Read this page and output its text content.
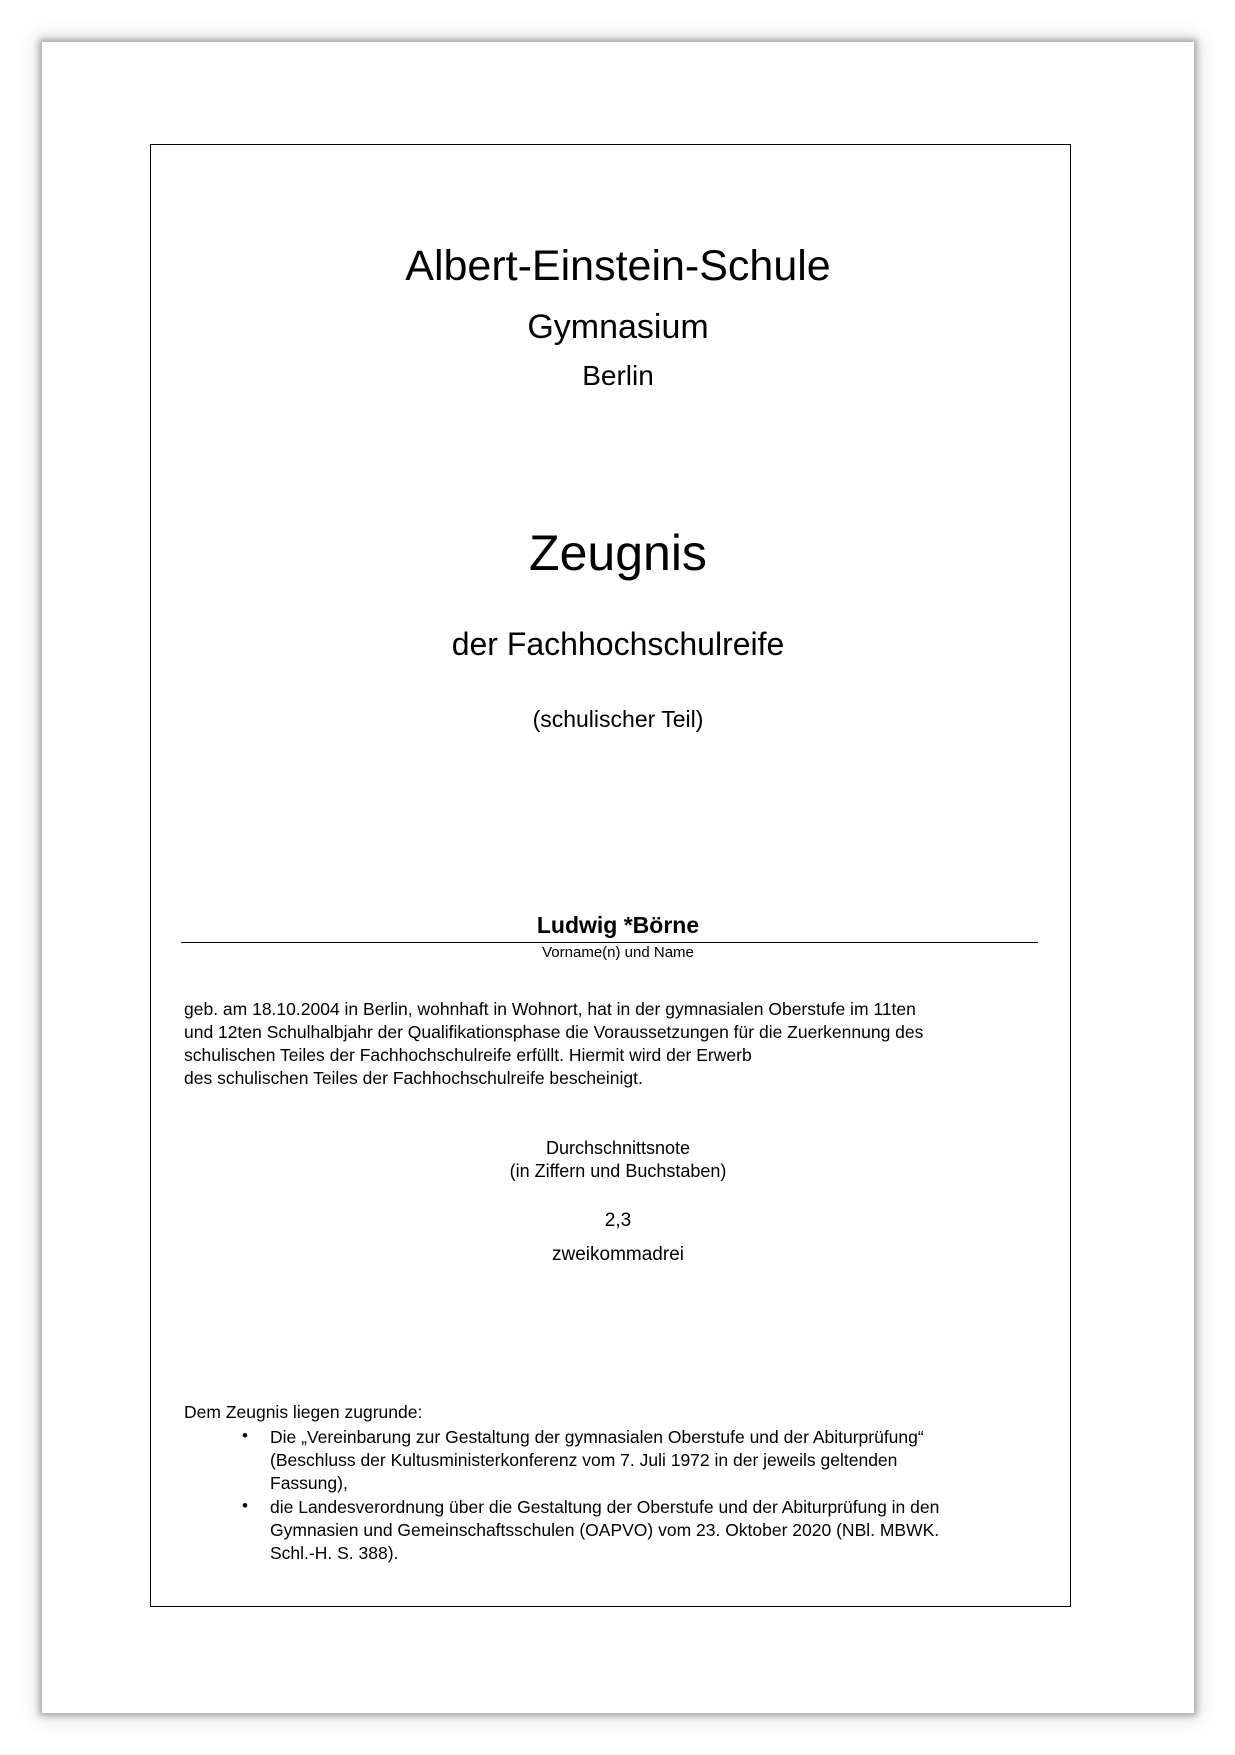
Albert-Einstein-Schule
Gymnasium
Berlin
Zeugnis
der Fachhochschulreife
(schulischer Teil)
Ludwig *Börne
Vorname(n) und Name
geb. am 18.10.2004 in Berlin, wohnhaft in Wohnort, hat in der gymnasialen Oberstufe im 11ten
und 12ten Schulhalbjahr der Qualifikationsphase die Voraussetzungen für die Zuerkennung des
schulischen Teiles der Fachhochschulreife erfüllt. Hiermit wird der Erwerb
des schulischen Teiles der Fachhochschulreife bescheinigt.
Durchschnittsnote
(in Ziffern und Buchstaben)
2,3
zweikommadrei
Dem Zeugnis liegen zugrunde:
• Die „Vereinbarung zur Gestaltung der gymnasialen Oberstufe und der Abiturprüfung“
(Beschluss der Kultusministerkonferenz vom 7. Juli 1972 in der jeweils geltenden
Fassung),
• die Landesverordnung über die Gestaltung der Oberstufe und der Abiturprüfung in den
Gymnasien und Gemeinschaftsschulen (OAPVO) vom 23. Oktober 2020 (NBl. MBWK.
Schl.-H. S. 388).
